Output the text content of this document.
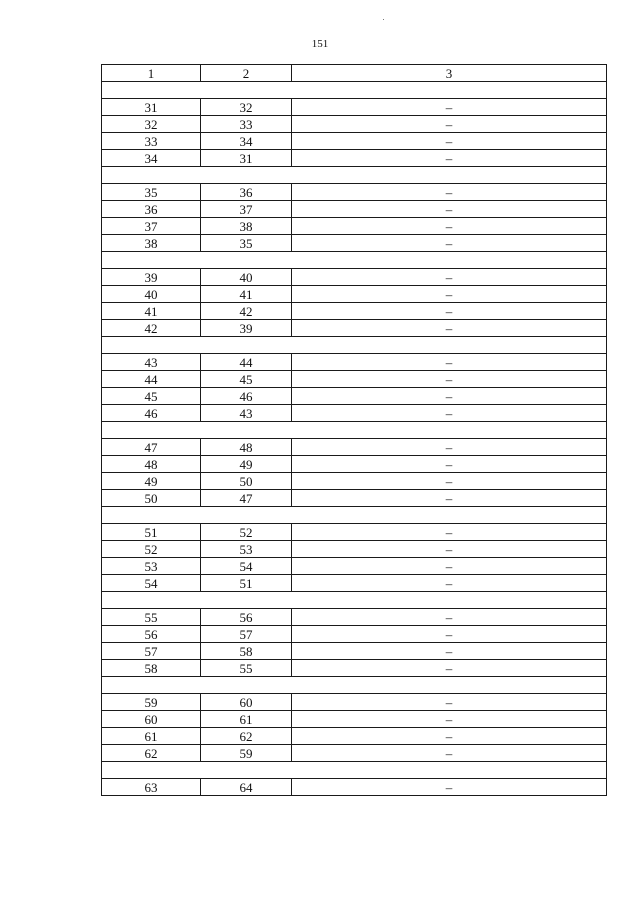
151
1	2	3

31	32	–
32	33	–
33	34	–
34	31	–

35	36	–
36	37	–
37	38	–
38	35	–

39	40	–
40	41	–
41	42	–
42	39	–

43	44	–
44	45	–
45	46	–
46	43	–

47	48	–
48	49	–
49	50	–
50	47	–

51	52	–
52	53	–
53	54	–
54	51	–

55	56	–
56	57	–
57	58	–
58	55	–

59	60	–
60	61	–
61	62	–
62	59	–

63	64	–
